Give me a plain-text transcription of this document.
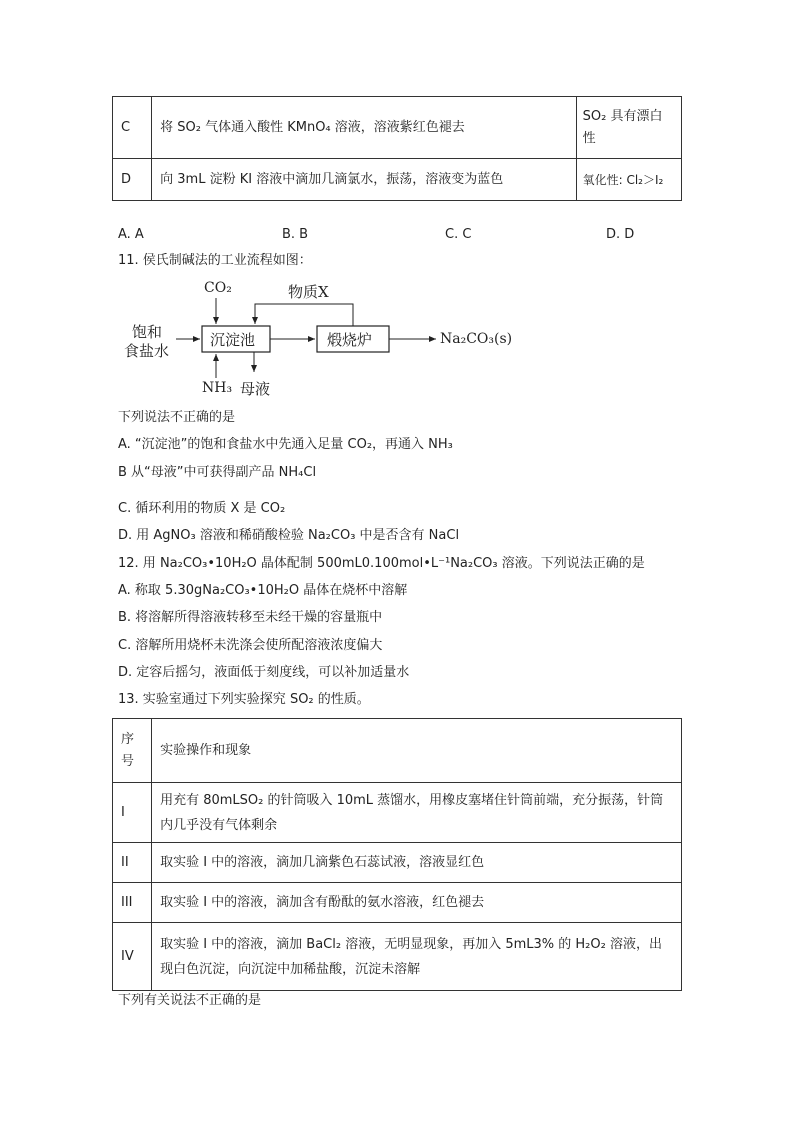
C	将 SO₂ 气体通入酸性 KMnO₄ 溶液，溶液紫红色褪去	SO₂ 具有漂白性
D	向 3mL 淀粉 KI 溶液中滴加几滴氯水，振荡，溶液变为蓝色	氧化性: Cl₂＞I₂
A. A	B. B	C. C	D. D
11. 侯氏制碱法的工业流程如图：
CO₂	物质X
饱和
食盐水
沉淀池	煅烧炉	Na₂CO₃(s)
NH₃ 母液
下列说法不正确的是
A. “沉淀池”的饱和食盐水中先通入足量 CO₂，再通入 NH₃
B 从“母液”中可获得副产品 NH₄Cl
C. 循环利用的物质 X 是 CO₂
D. 用 AgNO₃ 溶液和稀硝酸检验 Na₂CO₃ 中是否含有 NaCl
12. 用 Na₂CO₃•10H₂O 晶体配制 500mL0.100mol•L⁻¹Na₂CO₃ 溶液。下列说法正确的是
A. 称取 5.30gNa₂CO₃•10H₂O 晶体在烧杯中溶解
B. 将溶解所得溶液转移至未经干燥的容量瓶中
C. 溶解所用烧杯未洗涤会使所配溶液浓度偏大
D. 定容后摇匀，液面低于刻度线，可以补加适量水
13. 实验室通过下列实验探究 SO₂ 的性质。
序号	实验操作和现象
I	用充有 80mLSO₂ 的针筒吸入 10mL 蒸馏水，用橡皮塞堵住针筒前端，充分振荡，针筒内几乎没有气体剩余
II	取实验 I 中的溶液，滴加几滴紫色石蕊试液，溶液显红色
III	取实验 I 中的溶液，滴加含有酚酞的氨水溶液，红色褪去
IV	取实验 I 中的溶液，滴加 BaCl₂ 溶液，无明显现象，再加入 5mL3% 的 H₂O₂ 溶液，出现白色沉淀，向沉淀中加稀盐酸，沉淀未溶解
下列有关说法不正确的是
